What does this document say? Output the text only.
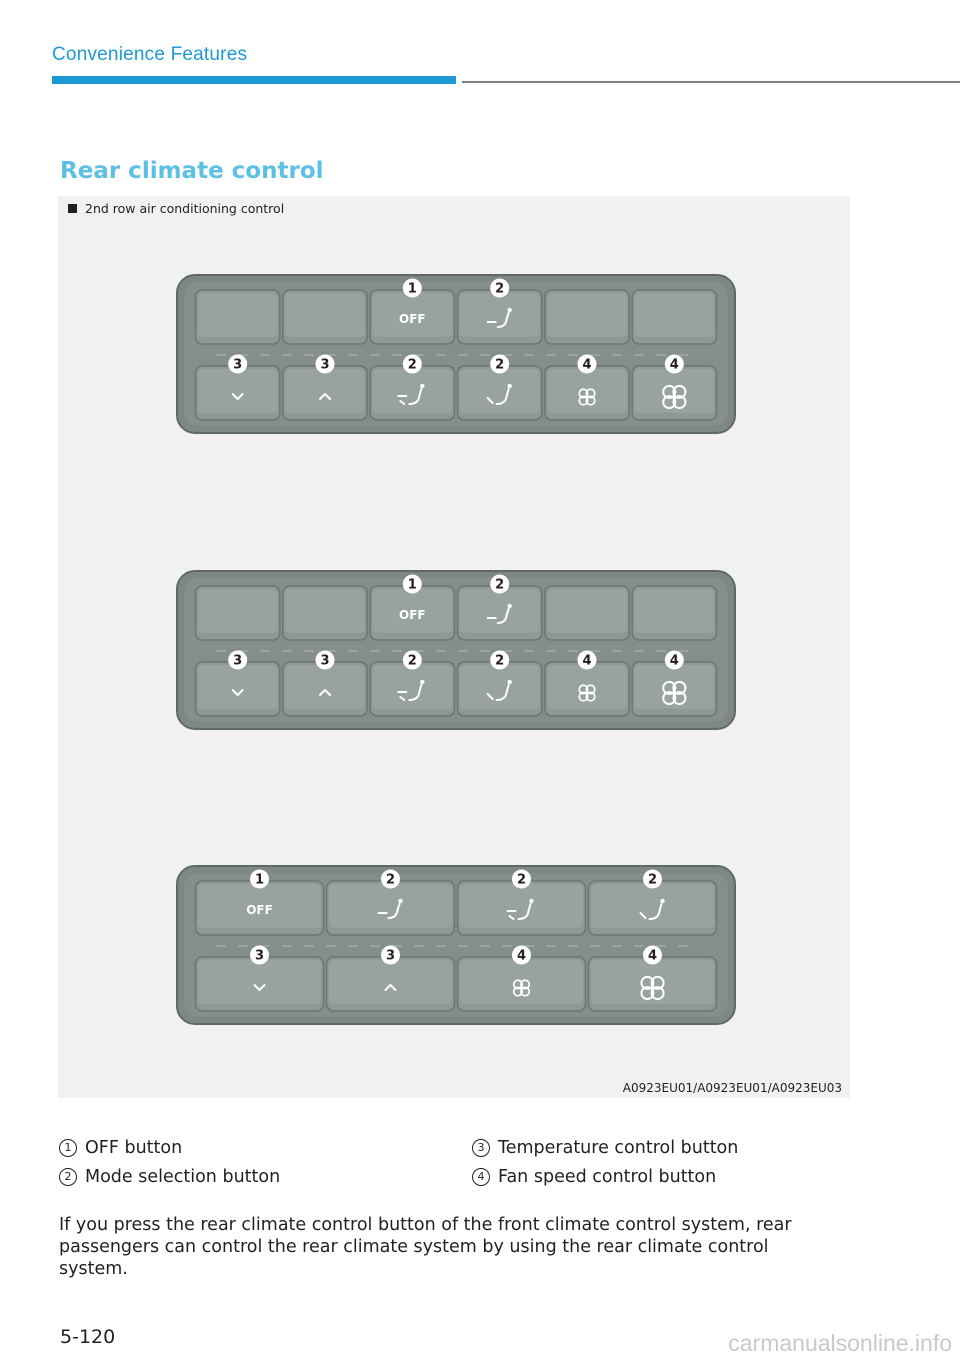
Convenience Features
Rear climate control
2nd row air conditioning control
OFF
1	2
3	3	2	2	4	4
OFF
1	2
3	3	2	2	4	4
OFF
1	2	2	2
3	3	4	4
A0923EU01/A0923EU01/A0923EU03
1 OFF button
2 Mode selection button
3 Temperature control button
4 Fan speed control button
If you press the rear climate control button of the front climate control system, rear passengers can control the rear climate system by using the rear climate control system.
5-120	carmanualsonline.info
